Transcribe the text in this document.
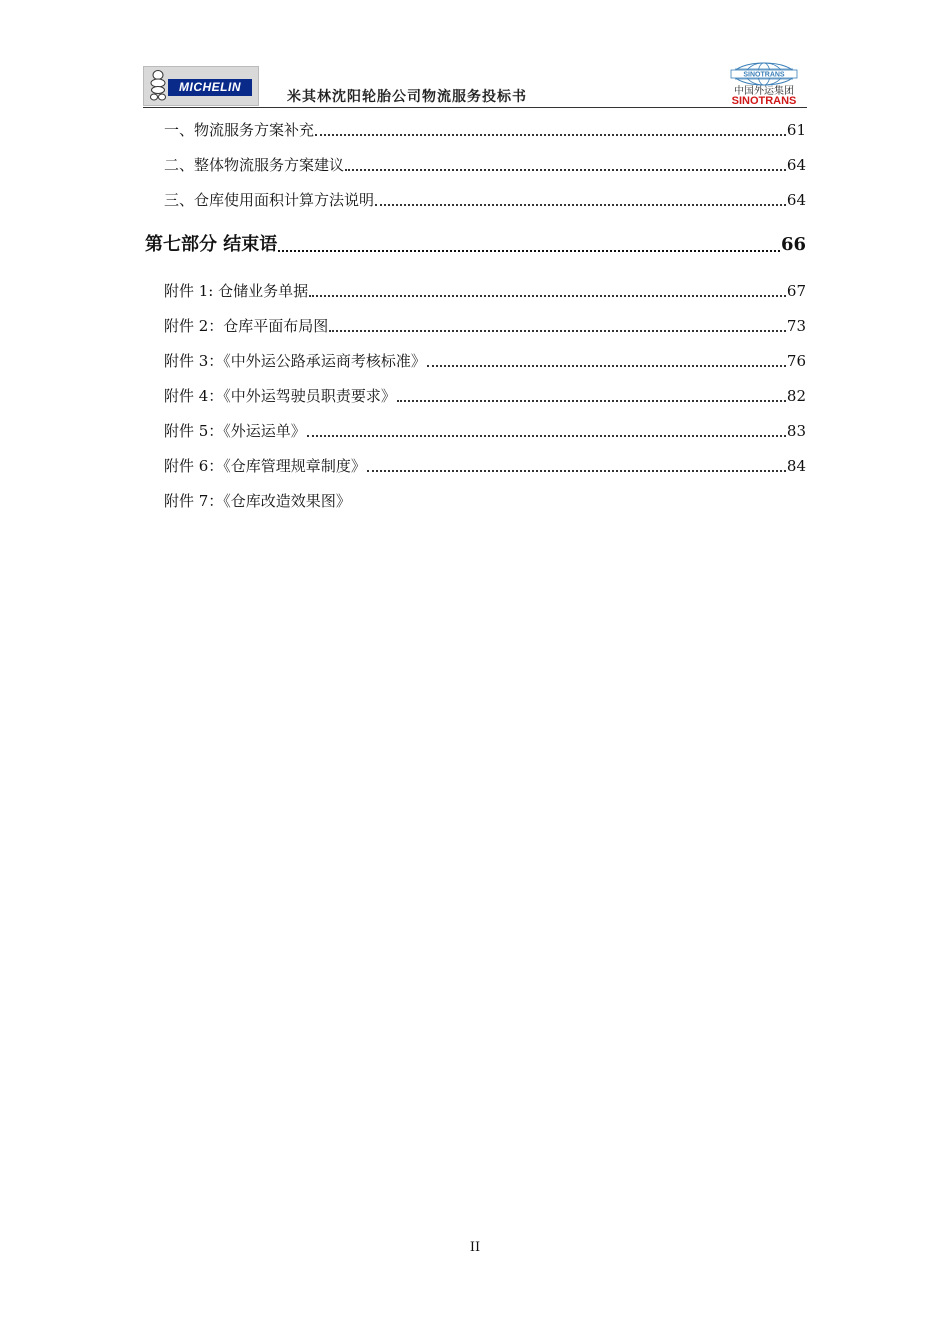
MICHELIN
米其林沈阳轮胎公司物流服务投标书
SINOTRANS
中国外运集团
SINOTRANS
一、物流服务方案补充	61
二、整体物流服务方案建议	64
三、仓库使用面积计算方法说明	64
第七部分 结束语	66
附件 1: 仓储业务单据	67
附件 2：仓库平面布局图	73
附件 3：《中外运公路承运商考核标准》	76
附件 4：《中外运驾驶员职责要求》	82
附件 5：《外运运单》	83
附件 6：《仓库管理规章制度》	84
附件 7：《仓库改造效果图》
II
